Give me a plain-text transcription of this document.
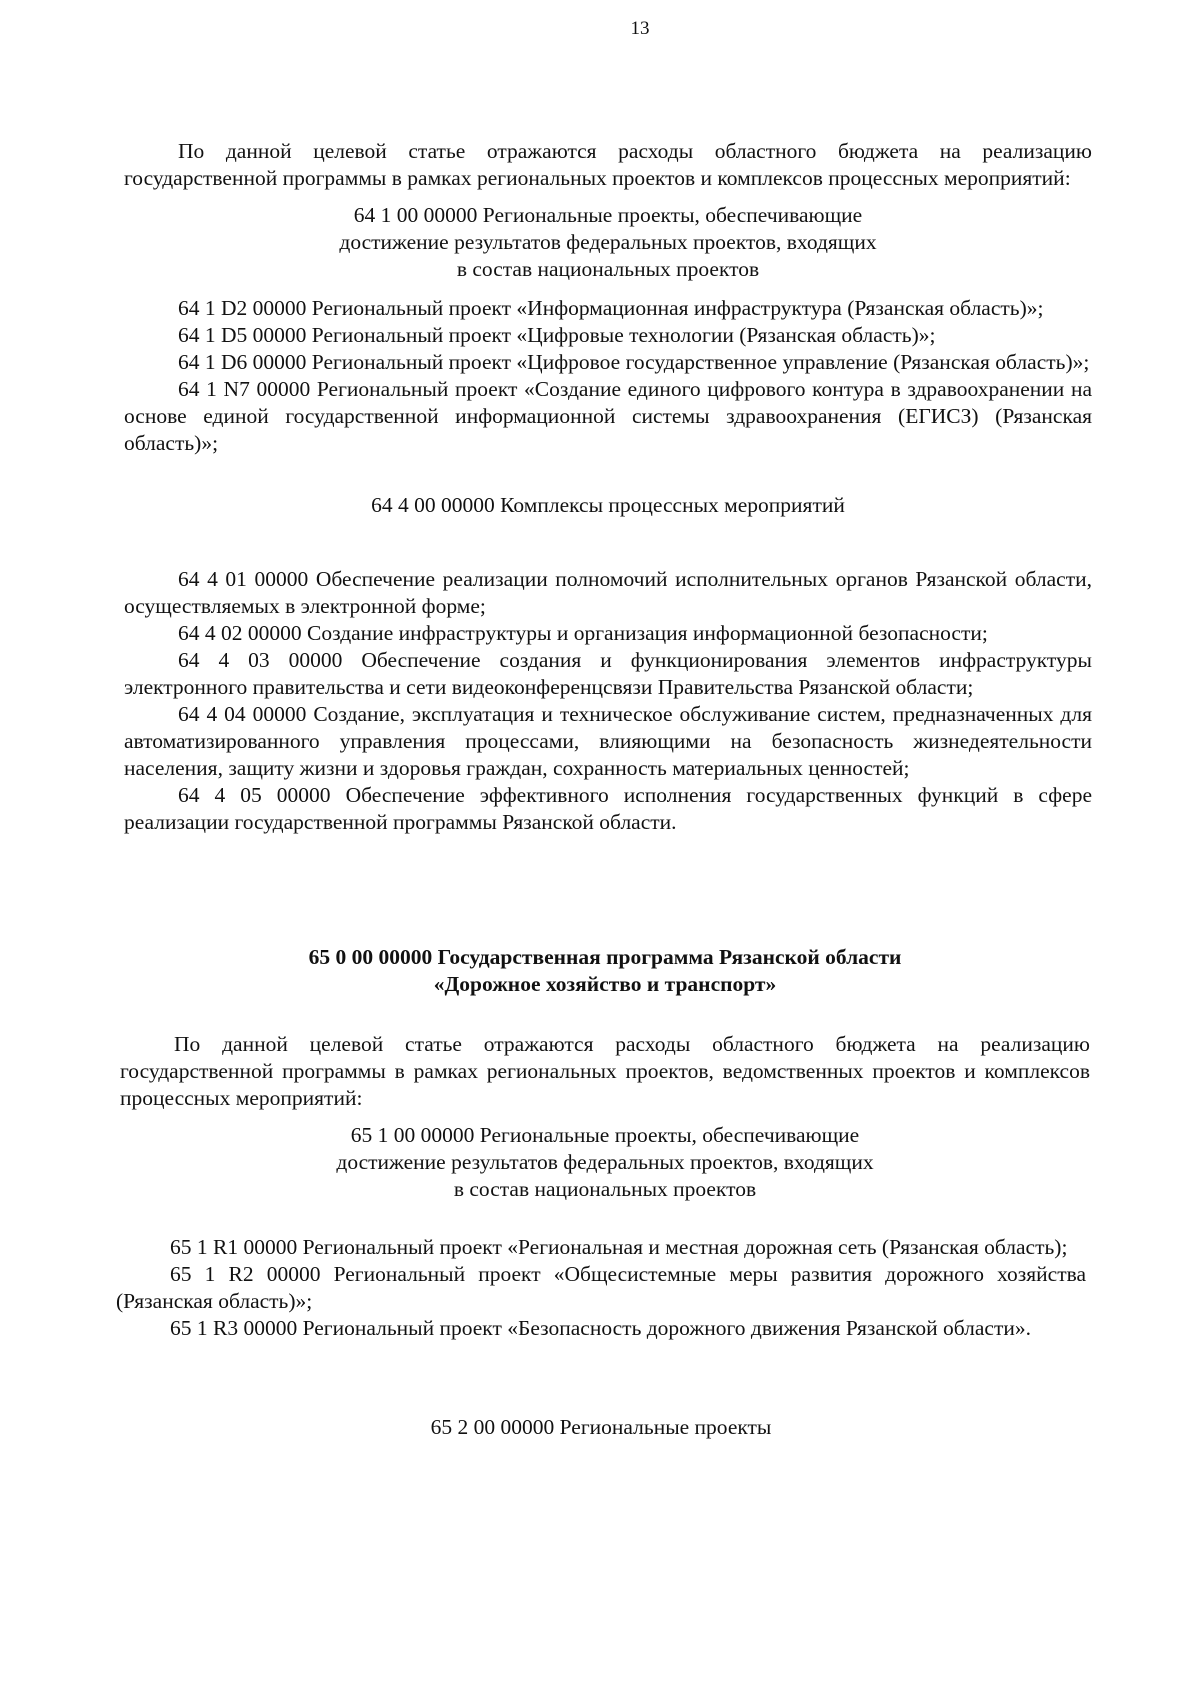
13

По данной целевой статье отражаются расходы областного бюджета на реализацию государственной программы в рамках региональных проектов и комплексов процессных мероприятий:

64 1 00 00000 Региональные проекты, обеспечивающие

достижение результатов федеральных проектов, входящих

в состав национальных проектов

64 1 D2 00000 Региональный проект «Информационная инфраструктура (Рязанская область)»;

64 1 D5 00000 Региональный проект «Цифровые технологии (Рязанская область)»;

64 1 D6 00000 Региональный проект «Цифровое государственное управление (Рязанская область)»;

64 1 N7 00000 Региональный проект «Создание единого цифрового контура в здравоохранении на основе единой государственной информационной системы здравоохранения (ЕГИСЗ) (Рязанская область)»;

64 4 00 00000 Комплексы процессных мероприятий

64 4 01 00000 Обеспечение реализации полномочий исполнительных органов Рязанской области, осуществляемых в электронной форме;

64 4 02 00000 Создание инфраструктуры и организация информационной безопасности;

64 4 03 00000 Обеспечение создания и функционирования элементов инфраструктуры электронного правительства и сети видеоконференцсвязи Правительства Рязанской области;

64 4 04 00000 Создание, эксплуатация и техническое обслуживание систем, предназначенных для автоматизированного управления процессами, влияющими на безопасность жизнедеятельности населения, защиту жизни и здоровья граждан, сохранность материальных ценностей;

64 4 05 00000 Обеспечение эффективного исполнения государственных функций в сфере реализации государственной программы Рязанской области.

65 0 00 00000 Государственная программа Рязанской области

«Дорожное хозяйство и транспорт»

По данной целевой статье отражаются расходы областного бюджета на реализацию государственной программы в рамках региональных проектов, ведомственных проектов и комплексов процессных мероприятий:

65 1 00 00000 Региональные проекты, обеспечивающие

достижение результатов федеральных проектов, входящих

в состав национальных проектов

65 1 R1 00000 Региональный проект «Региональная и местная дорожная сеть (Рязанская область);

65 1 R2 00000 Региональный проект «Общесистемные меры развития дорожного хозяйства (Рязанская область)»;

65 1 R3 00000 Региональный проект «Безопасность дорожного движения Рязанской области».

65 2 00 00000 Региональные проекты
